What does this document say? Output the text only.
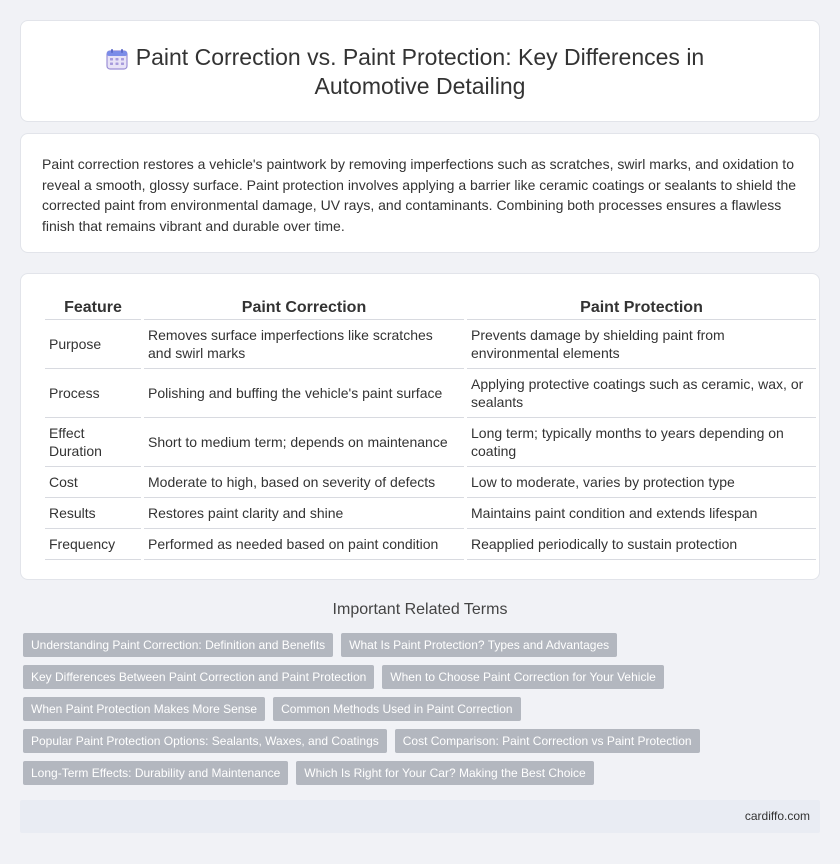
Paint Correction vs. Paint Protection: Key Differences in Automotive Detailing

Paint correction restores a vehicle's paintwork by removing imperfections such as scratches, swirl marks, and oxidation to reveal a smooth, glossy surface. Paint protection involves applying a barrier like ceramic coatings or sealants to shield the corrected paint from environmental damage, UV rays, and contaminants. Combining both processes ensures a flawless finish that remains vibrant and durable over time.

Feature	Paint Correction	Paint Protection
Purpose	Removes surface imperfections like scratches and swirl marks	Prevents damage by shielding paint from environmental elements
Process	Polishing and buffing the vehicle's paint surface	Applying protective coatings such as ceramic, wax, or sealants
Effect Duration	Short to medium term; depends on maintenance	Long term; typically months to years depending on coating
Cost	Moderate to high, based on severity of defects	Low to moderate, varies by protection type
Results	Restores paint clarity and shine	Maintains paint condition and extends lifespan
Frequency	Performed as needed based on paint condition	Reapplied periodically to sustain protection
Important Related Terms
Understanding Paint Correction: Definition and Benefits	What Is Paint Protection? Types and Advantages
Key Differences Between Paint Correction and Paint Protection	When to Choose Paint Correction for Your Vehicle
When Paint Protection Makes More Sense	Common Methods Used in Paint Correction
Popular Paint Protection Options: Sealants, Waxes, and Coatings	Cost Comparison: Paint Correction vs Paint Protection
Long-Term Effects: Durability and Maintenance	Which Is Right for Your Car? Making the Best Choice
cardiffo.com
